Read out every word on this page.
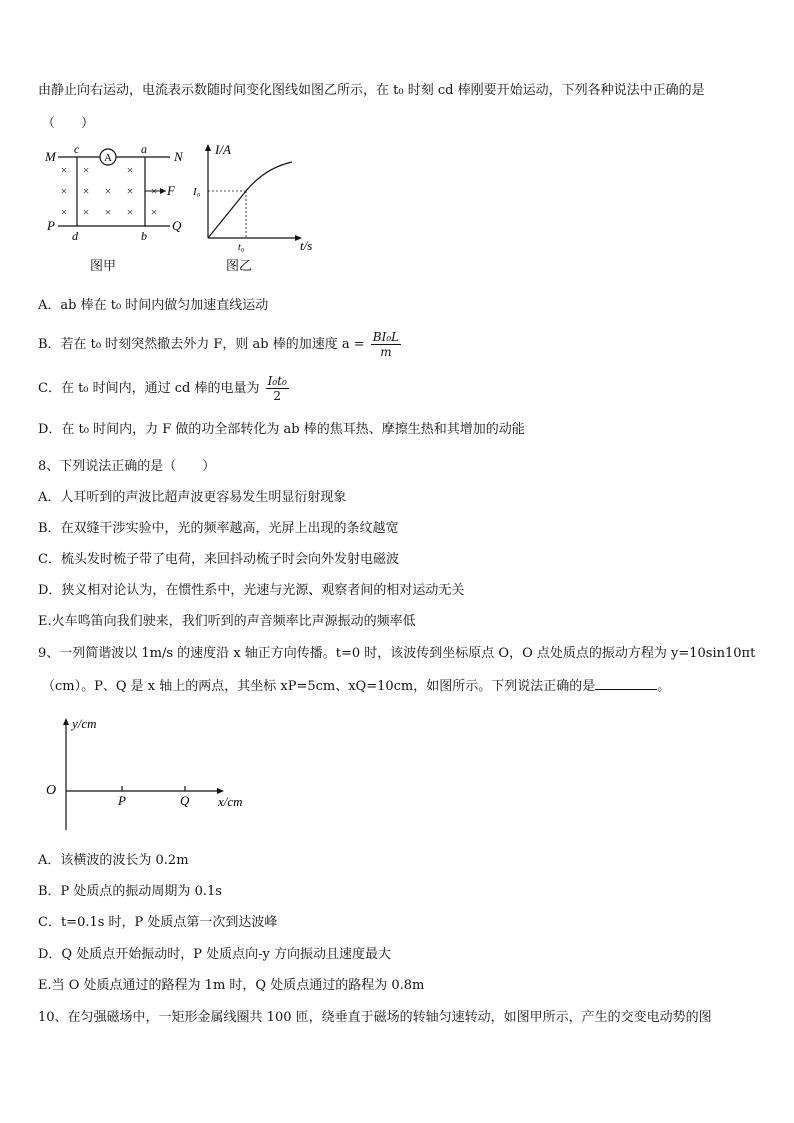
由静止向右运动，电流表示数随时间变化图线如图乙所示，在 t₀ 时刻 cd 棒刚要开始运动，下列各种说法中正确的是
（　　）
A
M	N
P	Q
c	a
d	b
× ×	×
× × × × ×
× × × × ×
F
图甲
I/A
t/s
I₀
t₀
图乙
A．ab 棒在 t₀ 时间内做匀加速直线运动
B．若在 t₀ 时刻突然撤去外力 F，则 ab 棒的加速度 $a = \frac{\text{BI₀L}}{m}$
C．在 t₀ 时间内，通过 cd 棒的电量为 $\frac{\text{I₀t₀}}{2}$
D．在 t₀ 时间内，力 F 做的功全部转化为 ab 棒的焦耳热、摩擦生热和其增加的动能
8、下列说法正确的是（　　）
A．人耳听到的声波比超声波更容易发生明显衍射现象
B．在双缝干涉实验中，光的频率越高，光屏上出现的条纹越宽
C．梳头发时梳子带了电荷，来回抖动梳子时会向外发射电磁波
D．狭义相对论认为，在惯性系中，光速与光源、观察者间的相对运动无关
E.火车鸣笛向我们驶来，我们听到的声音频率比声源振动的频率低
9、一列简谐波以 1m/s 的速度沿 x 轴正方向传播。t=0 时，该波传到坐标原点 O，O 点处质点的振动方程为 y=10sin10πt
（cm）。P、Q 是 x 轴上的两点，其坐标 xP=5cm、xQ=10cm，如图所示。下列说法正确的是	。
y/cm
x/cm
O
P	Q
A．该横波的波长为 0.2m
B．P 处质点的振动周期为 0.1s
C．t=0.1s 时，P 处质点第一次到达波峰
D．Q 处质点开始振动时，P 处质点向-y 方向振动且速度最大
E.当 O 处质点通过的路程为 1m 时，Q 处质点通过的路程为 0.8m
10、在匀强磁场中，一矩形金属线圈共 100 匝，绕垂直于磁场的转轴匀速转动，如图甲所示，产生的交变电动势的图
